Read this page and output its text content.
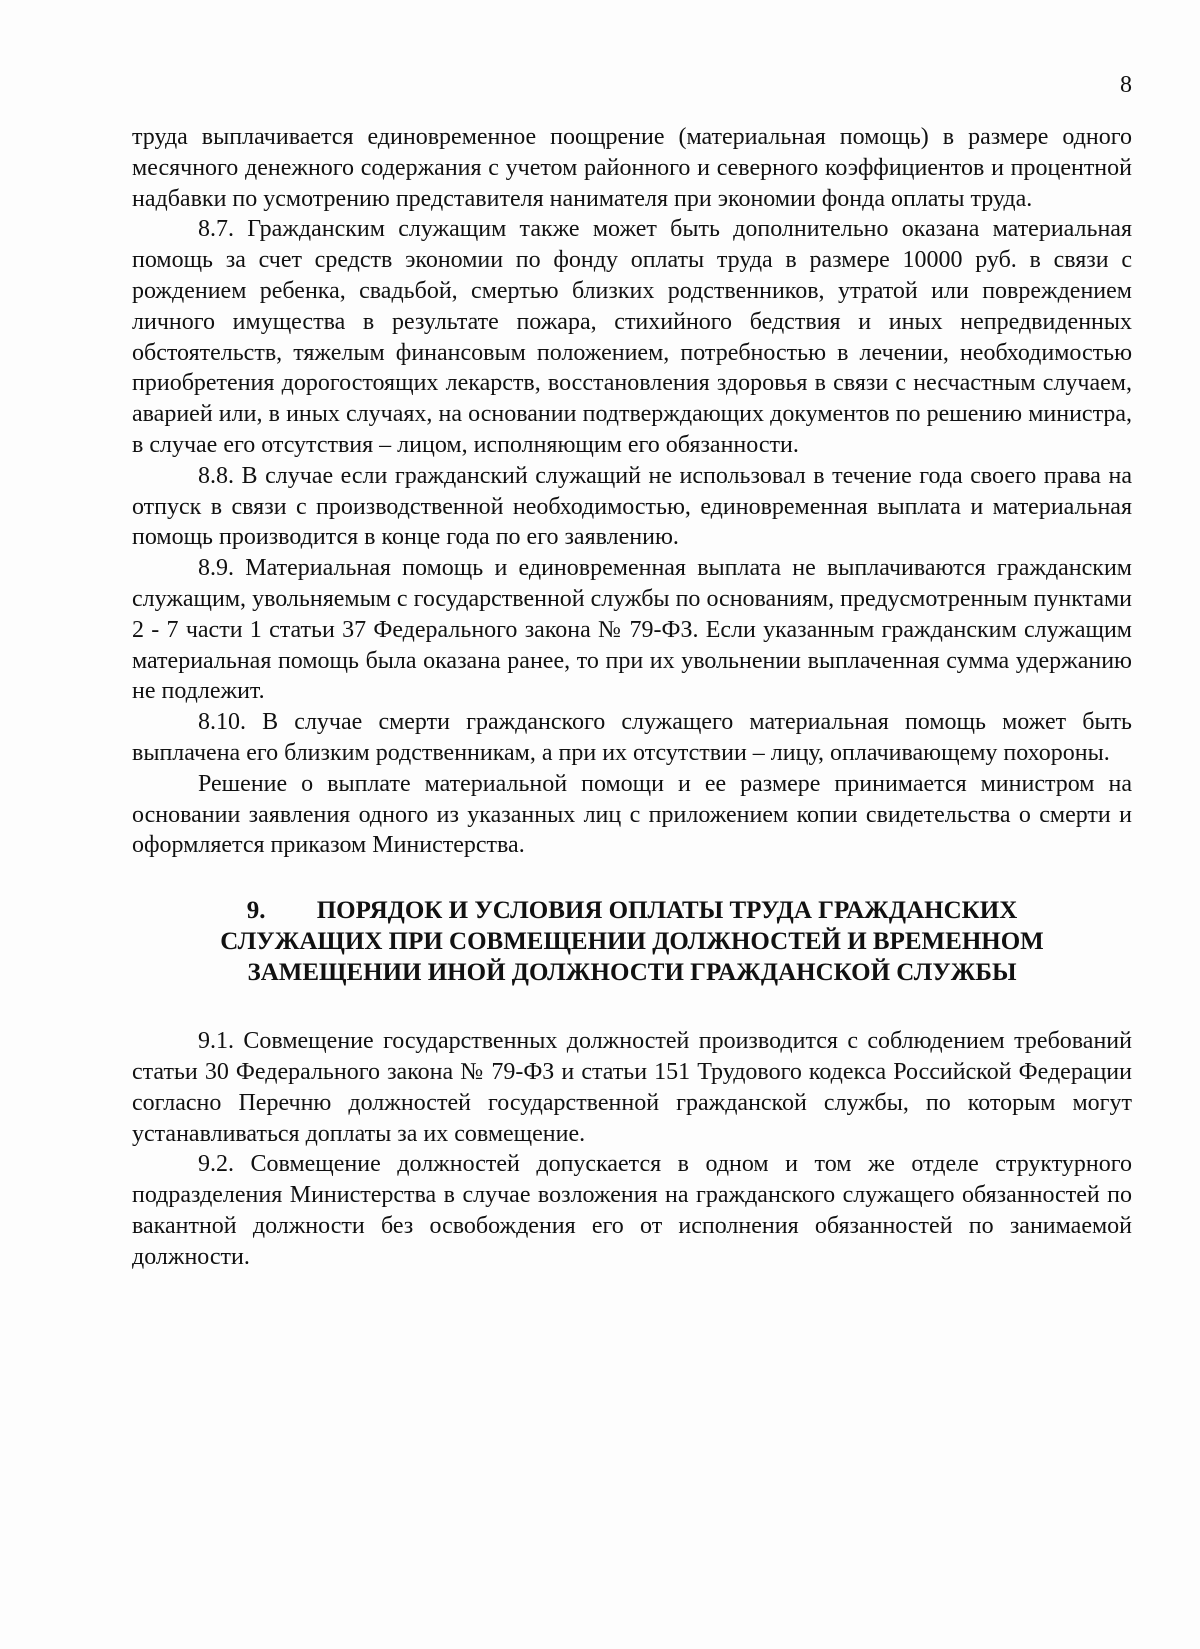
8

труда выплачивается единовременное поощрение (материальная помощь) в размере одного месячного денежного содержания с учетом районного и северного коэффициентов и процентной надбавки по усмотрению представителя нанимателя при экономии фонда оплаты труда.

8.7. Гражданским служащим также может быть дополнительно оказана материальная помощь за счет средств экономии по фонду оплаты труда в размере 10000 руб. в связи с рождением ребенка, свадьбой, смертью близких родственников, утратой или повреждением личного имущества в результате пожара, стихийного бедствия и иных непредвиденных обстоятельств, тяжелым финансовым положением, потребностью в лечении, необходимостью приобретения дорогостоящих лекарств, восстановления здоровья в связи с несчастным случаем, аварией или, в иных случаях, на основании подтверждающих документов по решению министра, в случае его отсутствия – лицом, исполняющим его обязанности.

8.8. В случае если гражданский служащий не использовал в течение года своего права на отпуск в связи с производственной необходимостью, единовременная выплата и материальная помощь производится в конце года по его заявлению.

8.9. Материальная помощь и единовременная выплата не выплачиваются гражданским служащим, увольняемым с государственной службы по основаниям, предусмотренным пунктами 2 - 7 части 1 статьи 37 Федерального закона № 79-ФЗ. Если указанным гражданским служащим материальная помощь была оказана ранее, то при их увольнении выплаченная сумма удержанию не подлежит.

8.10. В случае смерти гражданского служащего материальная помощь может быть выплачена его близким родственникам, а при их отсутствии – лицу, оплачивающему похороны.

Решение о выплате материальной помощи и ее размере принимается министром на основании заявления одного из указанных лиц с приложением копии свидетельства о смерти и оформляется приказом Министерства.

9. ПОРЯДОК И УСЛОВИЯ ОПЛАТЫ ТРУДА ГРАЖДАНСКИХ
СЛУЖАЩИХ ПРИ СОВМЕЩЕНИИ ДОЛЖНОСТЕЙ И ВРЕМЕННОМ
ЗАМЕЩЕНИИ ИНОЙ ДОЛЖНОСТИ ГРАЖДАНСКОЙ СЛУЖБЫ

9.1. Совмещение государственных должностей производится с соблюдением требований статьи 30 Федерального закона № 79-ФЗ и статьи 151 Трудового кодекса Российской Федерации согласно Перечню должностей государственной гражданской службы, по которым могут устанавливаться доплаты за их совмещение.

9.2. Совмещение должностей допускается в одном и том же отделе структурного подразделения Министерства в случае возложения на гражданского служащего обязанностей по вакантной должности без освобождения его от исполнения обязанностей по занимаемой должности.
